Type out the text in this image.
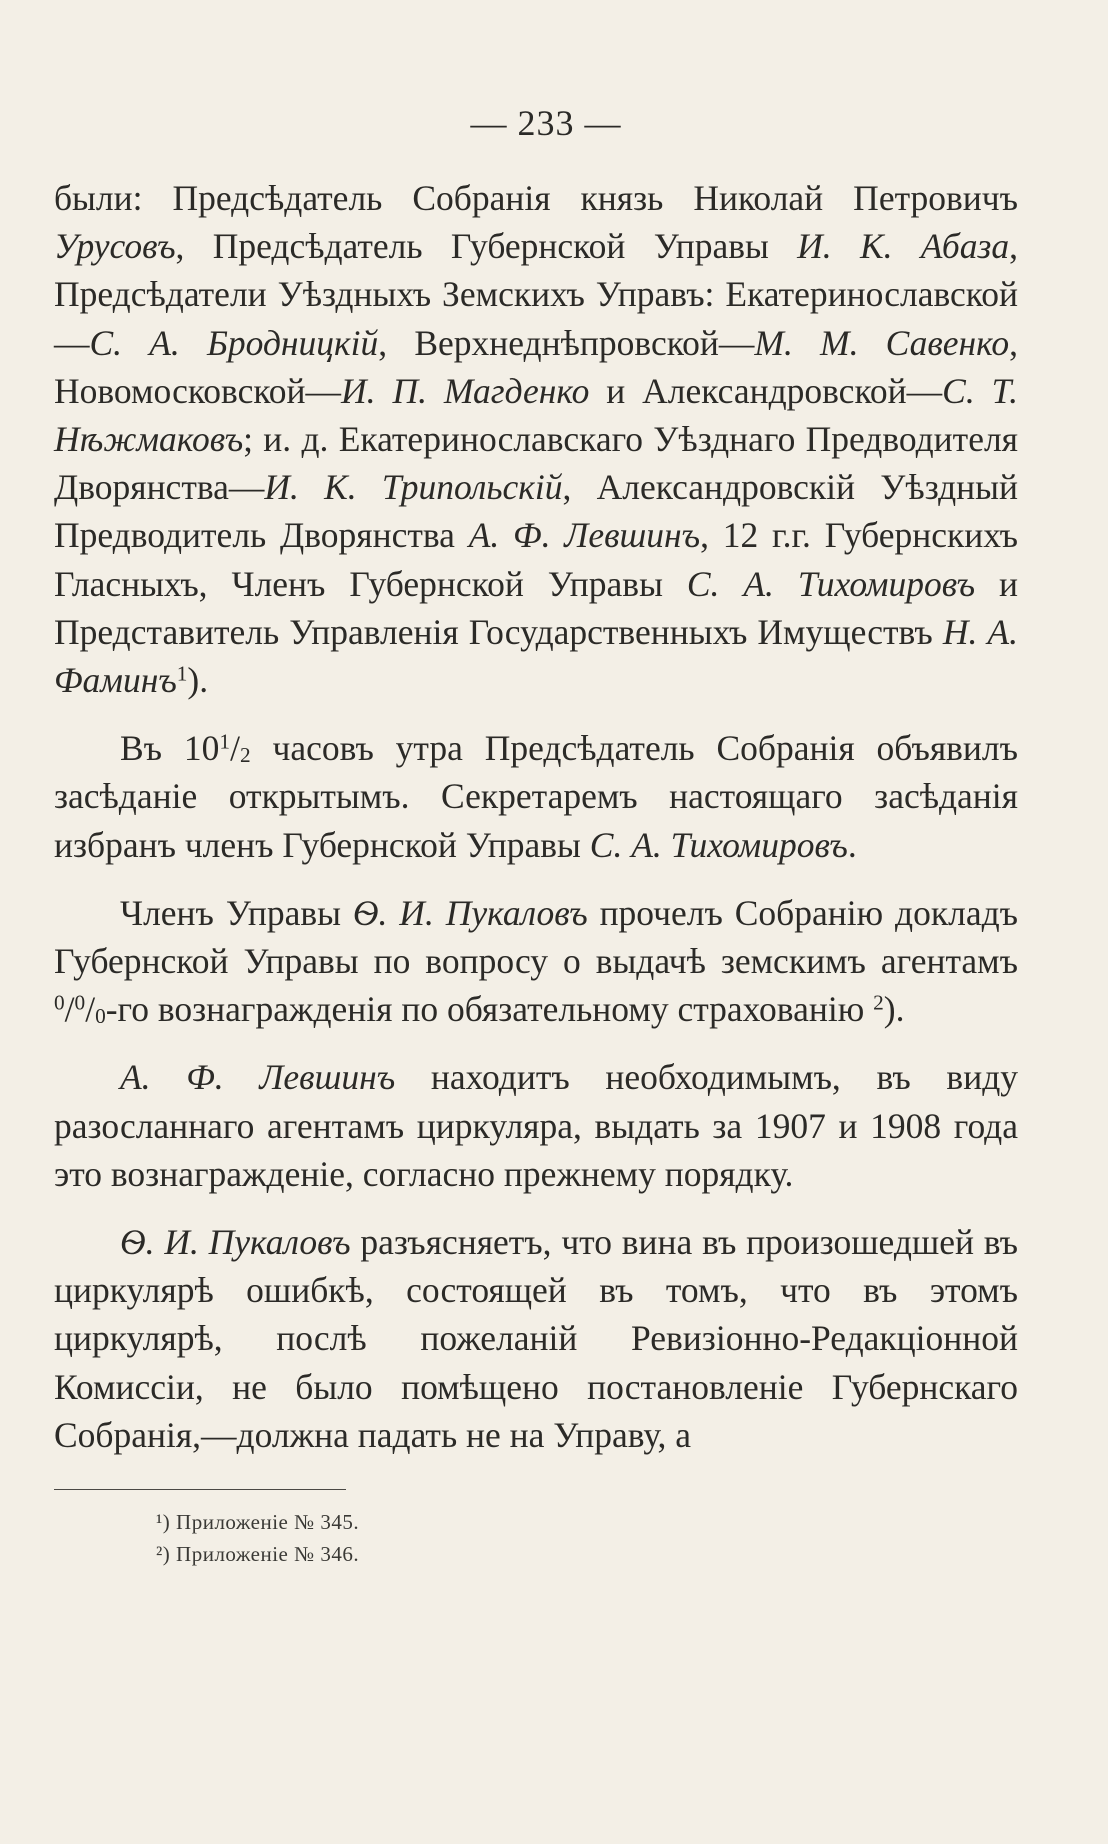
— 233 —

были: Предсѣдатель Собранія князь Николай Петровичъ Урусовъ, Предсѣдатель Губернской Управы И. К. Абаза, Предсѣдатели Уѣздныхъ Земскихъ Управъ: Екатеринославской—С. А. Бродницкій, Верхнеднѣпровской—М. М. Савенко, Новомосковской—И. П. Магденко и Александровской—С. Т. Нѣжмаковъ; и. д. Екатеринославскаго Уѣзднаго Предводителя Дворянства—И. К. Трипольскій, Александровскій Уѣздный Предводитель Дворянства А. Ф. Левшинъ, 12 г.г. Губернскихъ Гласныхъ, Членъ Губернской Управы С. А. Тихомировъ и Представитель Управленія Государственныхъ Имуществъ Н. А. Фаминъ$^1$).

Въ $10^1/_2$ часовъ утра Предсѣдатель Собранія объявилъ засѣданіе открытымъ. Секретаремъ настоящаго засѣданія избранъ членъ Губернской Управы С. А. Тихомировъ.

Членъ Управы Ѳ. И. Пукаловъ прочелъ Собранію докладъ Губернской Управы по вопросу о выдачѣ земскимъ агентамъ $^0/^0/_0-го$ вознагражденія по обязательному страхованію $^2$).

А. Ф. Левшинъ находитъ необходимымъ, въ виду разосланнаго агентамъ циркуляра, выдать за 1907 и 1908 года это вознагражденіе, согласно прежнему порядку.

Ѳ. И. Пукаловъ разъясняетъ, что вина въ произошедшей въ циркулярѣ ошибкѣ, состоящей въ томъ, что въ этомъ циркулярѣ, послѣ пожеланій Ревизіонно-Редакціонной Комиссіи, не было помѣщено постановленіе Губернскаго Собранія,—должна падать не на Управу, а

¹) Приложеніе № 345.
²) Приложеніе № 346.
